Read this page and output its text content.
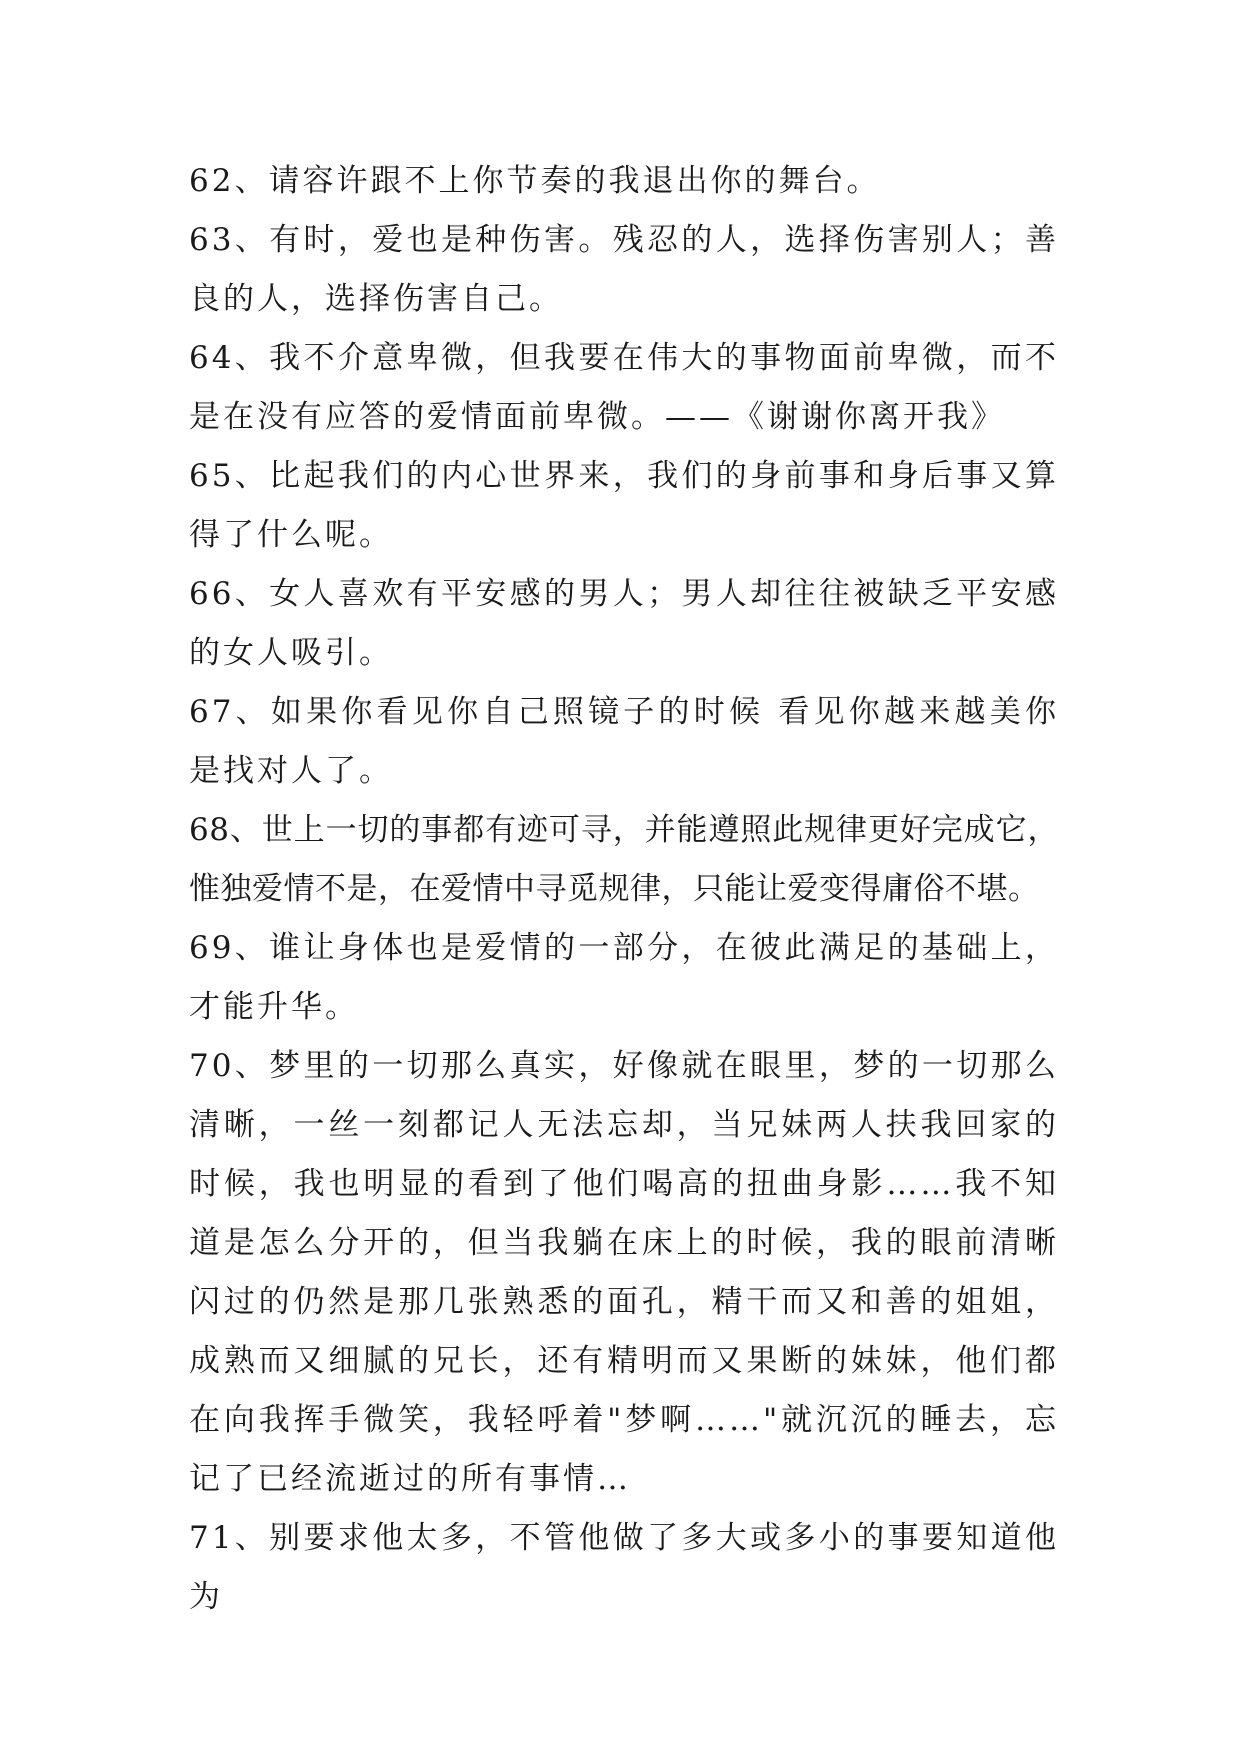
62、请容许跟不上你节奏的我退出你的舞台。

63、有时，爱也是种伤害。残忍的人，选择伤害别人；善良的人，选择伤害自己。

64、我不介意卑微，但我要在伟大的事物面前卑微，而不是在没有应答的爱情面前卑微。——《谢谢你离开我》

65、比起我们的内心世界来，我们的身前事和身后事又算得了什么呢。

66、女人喜欢有平安感的男人；男人却往往被缺乏平安感的女人吸引。

67、如果你看见你自己照镜子的时候 看见你越来越美你是找对人了。

68、世上一切的事都有迹可寻，并能遵照此规律更好完成它，惟独爱情不是，在爱情中寻觅规律，只能让爱变得庸俗不堪。

69、谁让身体也是爱情的一部分，在彼此满足的基础上，才能升华。

70、梦里的一切那么真实，好像就在眼里，梦的一切那么清晰，一丝一刻都记人无法忘却，当兄妹两人扶我回家的时候，我也明显的看到了他们喝高的扭曲身影……我不知道是怎么分开的，但当我躺在床上的时候，我的眼前清晰闪过的仍然是那几张熟悉的面孔，精干而又和善的姐姐，成熟而又细腻的兄长，还有精明而又果断的妹妹，他们都在向我挥手微笑，我轻呼着"梦啊……"就沉沉的睡去，忘记了已经流逝过的所有事情…

71、别要求他太多，不管他做了多大或多小的事要知道他为
